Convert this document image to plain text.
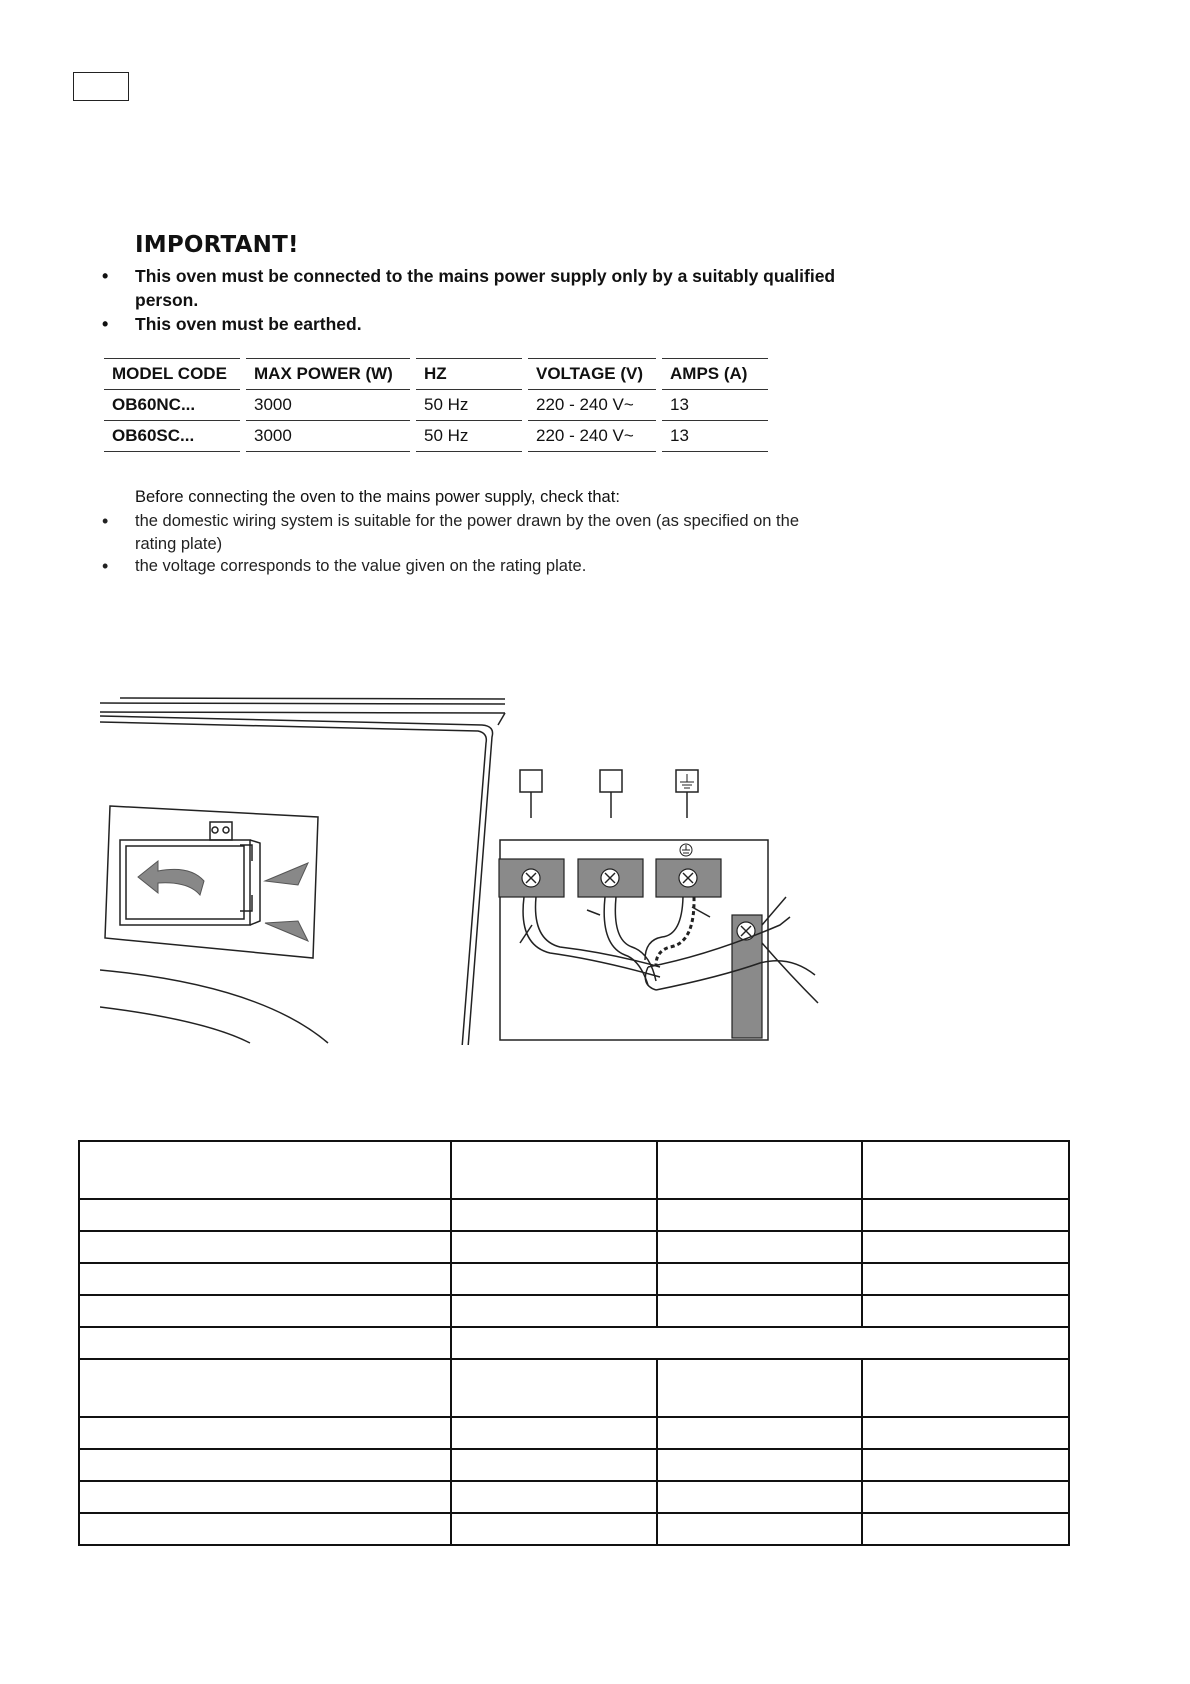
IMPORTANT!
• This oven must be connected to the mains power supply only by a suitably qualified person.
• This oven must be earthed.
MODEL CODE	MAX POWER (W)	HZ	VOLTAGE (V)	AMPS (A)
OB60NC...	3000	50 Hz	220 - 240 V~	13
OB60SC...	3000	50 Hz	220 - 240 V~	13

Before connecting the oven to the mains power supply, check that:

• the domestic wiring system is suitable for the power drawn by the oven (as specified on the rating plate)
• the voltage corresponds to the value given on the rating plate.
